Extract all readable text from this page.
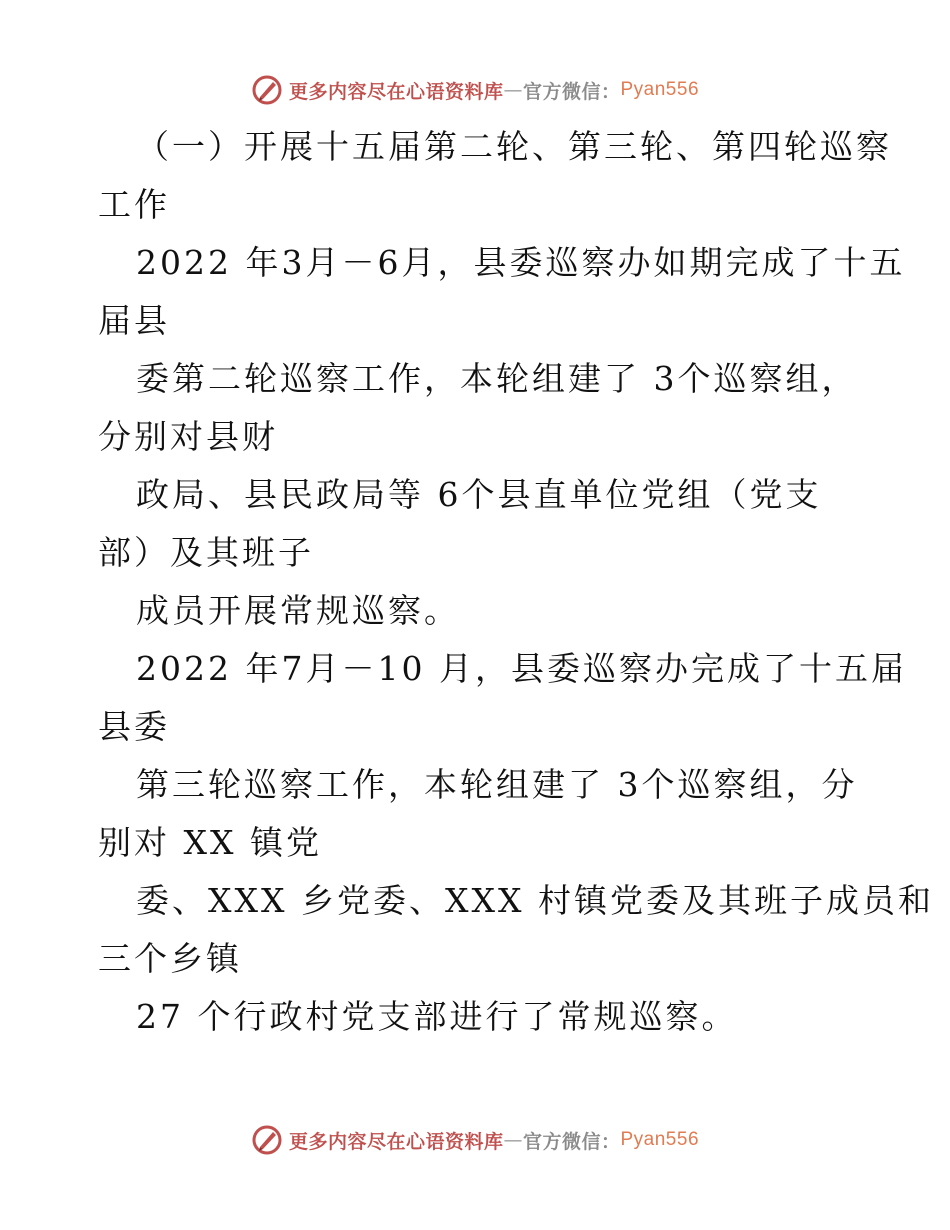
更多内容尽在心语资料库 — 官方微信： Pyan556
（一）开展十五届第二轮、第三轮、第四轮巡察
工作
2022 年3月－6月，县委巡察办如期完成了十五
届县
委第二轮巡察工作，本轮组建了 3个巡察组，
分别对县财
政局、县民政局等 6个县直单位党组（党支
部）及其班子
成员开展常规巡察。
2022 年7月－10 月，县委巡察办完成了十五届
县委
第三轮巡察工作，本轮组建了 3个巡察组，分
别对 XX 镇党
委、XXX 乡党委、XXX 村镇党委及其班子成员和
三个乡镇
27 个行政村党支部进行了常规巡察。
更多内容尽在心语资料库 — 官方微信： Pyan556
